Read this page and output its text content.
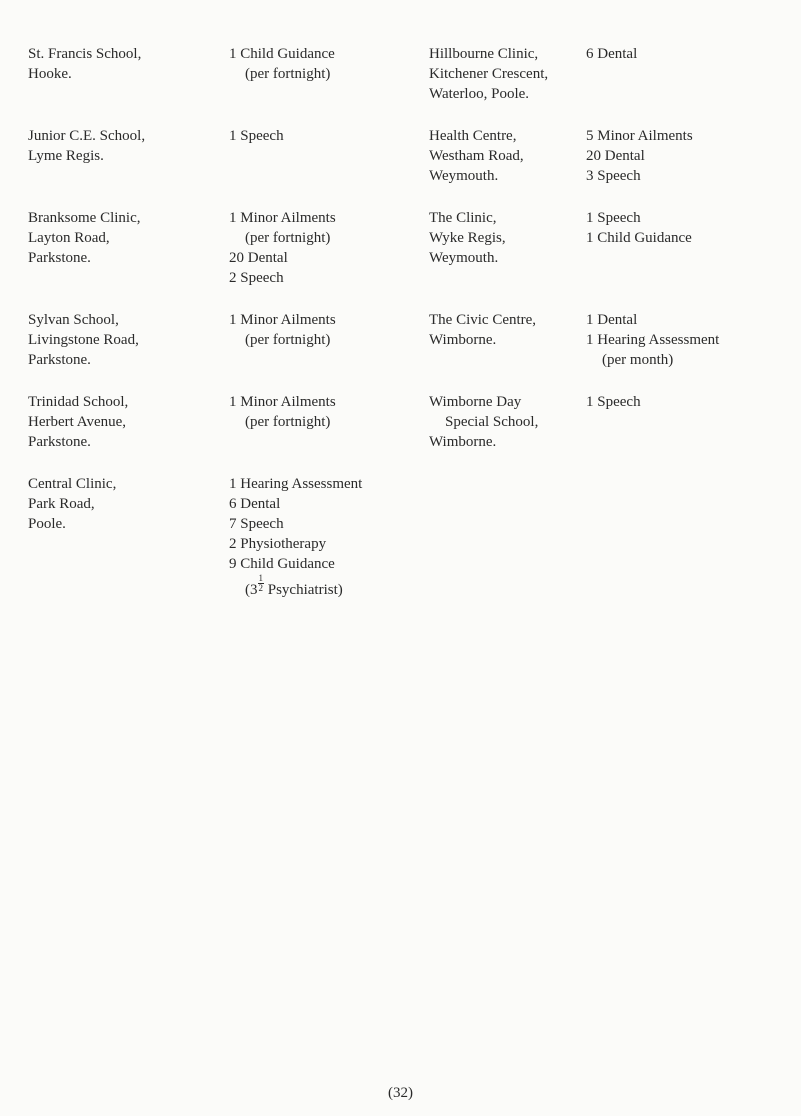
St. Francis School,
Hooke.
1 Child Guidance
(per fortnight)
Hillbourne Clinic,
Kitchener Crescent,
Waterloo, Poole.
6 Dental
Junior C.E. School,
Lyme Regis.
1 Speech	Health Centre,
Westham Road,
Weymouth.
5 Minor Ailments
20 Dental
3 Speech
Branksome Clinic,
Layton Road,
Parkstone.
1 Minor Ailments
(per fortnight)
20 Dental
2 Speech
The Clinic,
Wyke Regis,
Weymouth.
1 Speech
1 Child Guidance
Sylvan School,
Livingstone Road,
Parkstone.
1 Minor Ailments
(per fortnight)
The Civic Centre,
Wimborne.
1 Dental
1 Hearing Assessment
(per month)
Trinidad School,
Herbert Avenue,
Parkstone.
1 Minor Ailments
(per fortnight)
Wimborne Day
Special School,
Wimborne.
1 Speech
Central Clinic,
Park Road,
Poole.
1 Hearing Assessment
6 Dental
7 Speech
2 Physiotherapy
9 Child Guidance
($3 \frac{1}{2}$ Psychiatrist)
(32)
